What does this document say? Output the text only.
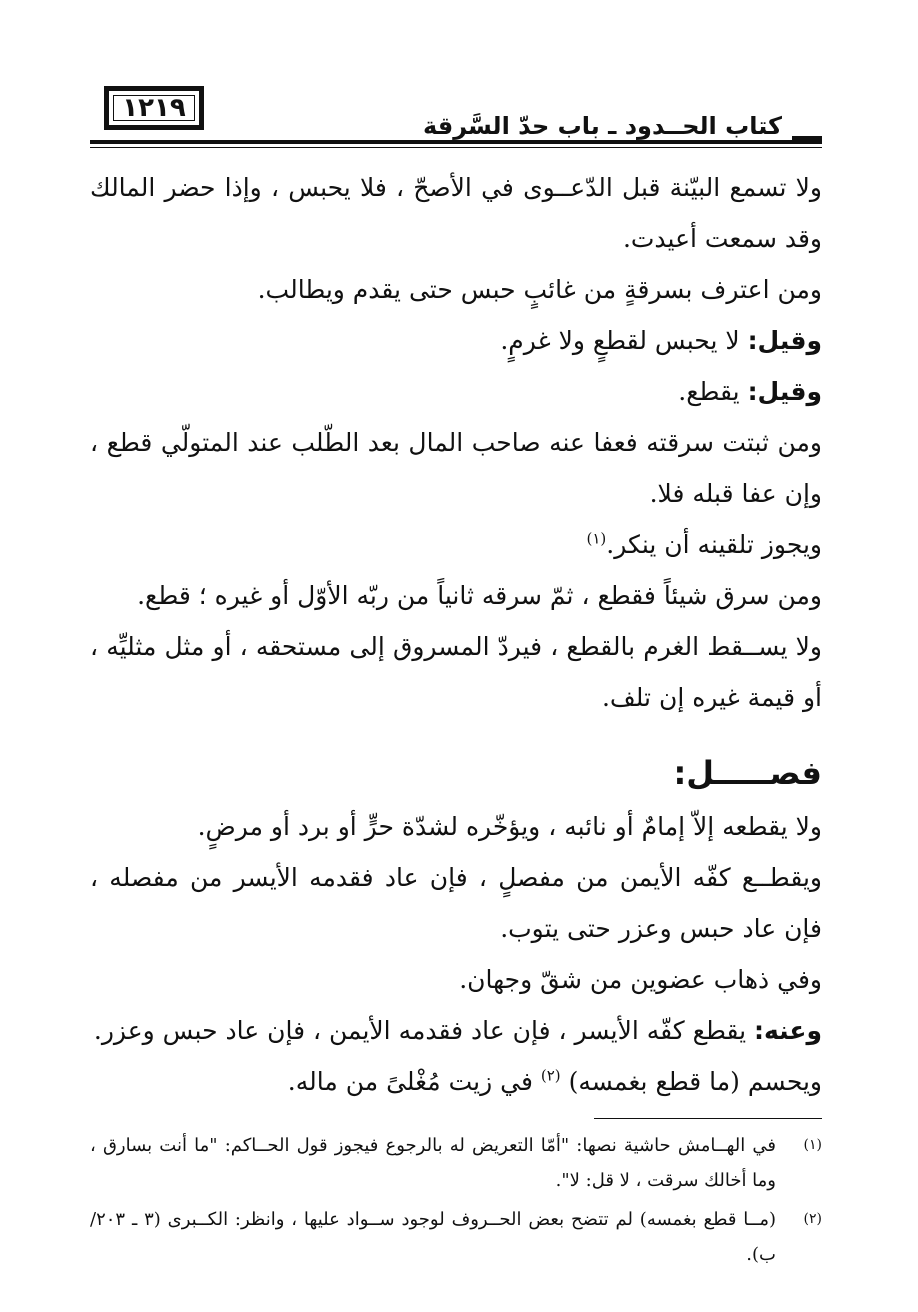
١٢١٩
كتاب الحــدود ـ باب حدّ السَّرِقة

ولا تسمع البيّنة قبل الدّعــوى في الأصحّ ، فلا يحبس ، وإذا حضر المالك وقد سمعت أعيدت.

ومن اعترف بسرقةٍ من غائبٍ حبس حتى يقدم ويطالب.

وقيل: لا يحبس لقطعٍ ولا غرمٍ.

وقيل: يقطع.

ومن ثبتت سرقته فعفا عنه صاحب المال بعد الطّلب عند المتولّي قطع ، وإن عفا قبله فلا.

ويجوز تلقينه أن ينكر.$^{(١)}$

ومن سرق شيئاً فقطع ، ثمّ سرقه ثانياً من ربّه الأوّل أو غيره ؛ قطع.

ولا يســقط الغرم بالقطع ، فيردّ المسروق إلى مستحقه ، أو مثل مثليِّه ، أو قيمة غيره إن تلف.

فصـــــل:

ولا يقطعه إلاّ إمامٌ أو نائبه ، ويؤخّره لشدّة حرٍّ أو برد أو مرضٍ.

ويقطــع كفّه الأيمن من مفصلٍ ، فإن عاد فقدمه الأيسر من مفصله ، فإن عاد حبس وعزر حتى يتوب.

وفي ذهاب عضوين من شقّ وجهان.

وعنه: يقطع كفّه الأيسر ، فإن عاد فقدمه الأيمن ، فإن عاد حبس وعزر.

ويحسم (ما قطع بغمسه) $^{(٢)}$ في زيت مُغْلىً من ماله.

(١)
في الهــامش حاشية نصها: "أمّا التعريض له بالرجوع فيجوز قول الحــاكم: "ما أنت بسارق ، وما أخالك سرقت ، لا قل: لا".
(٢)
(مــا قطع بغمسه) لم تتضح بعض الحــروف لوجود ســواد عليها ، وانظر: الكــبرى (٣ ـ ٢٠٣/ب).
